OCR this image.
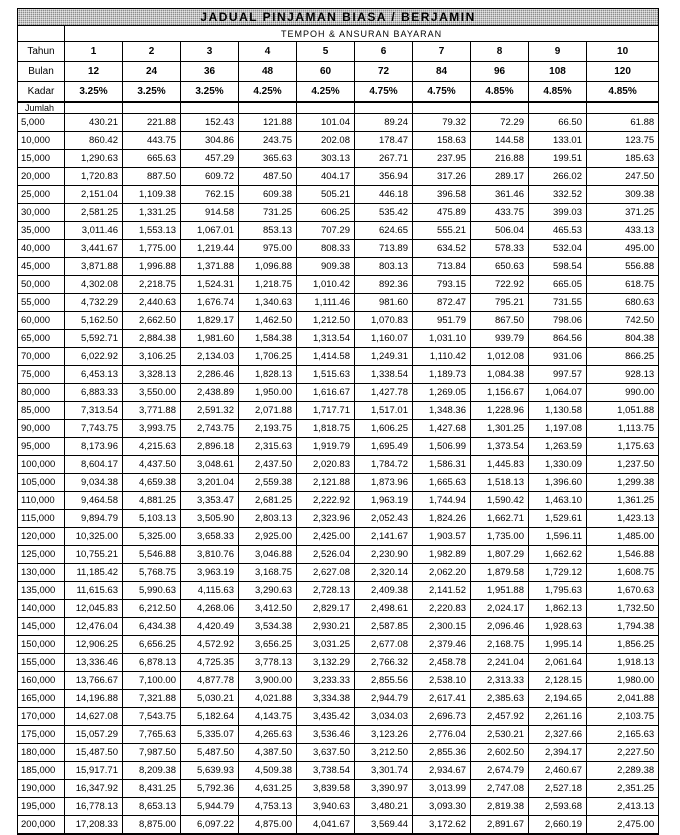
JADUAL PINJAMAN BIASA / BERJAMIN										
	TEMPOH & ANSURAN BAYARAN									
Tahun	1	2	3	4	5	6	7	8	9	10
Bulan	12	24	36	48	60	72	84	96	108	120
Kadar	3.25%	3.25%	3.25%	4.25%	4.25%	4.75%	4.75%	4.85%	4.85%	4.85%
Jumlah										
5,000	430.21	221.88	152.43	121.88	101.04	89.24	79.32	72.29	66.50	61.88
10,000	860.42	443.75	304.86	243.75	202.08	178.47	158.63	144.58	133.01	123.75
15,000	1,290.63	665.63	457.29	365.63	303.13	267.71	237.95	216.88	199.51	185.63
20,000	1,720.83	887.50	609.72	487.50	404.17	356.94	317.26	289.17	266.02	247.50
25,000	2,151.04	1,109.38	762.15	609.38	505.21	446.18	396.58	361.46	332.52	309.38
30,000	2,581.25	1,331.25	914.58	731.25	606.25	535.42	475.89	433.75	399.03	371.25
35,000	3,011.46	1,553.13	1,067.01	853.13	707.29	624.65	555.21	506.04	465.53	433.13
40,000	3,441.67	1,775.00	1,219.44	975.00	808.33	713.89	634.52	578.33	532.04	495.00
45,000	3,871.88	1,996.88	1,371.88	1,096.88	909.38	803.13	713.84	650.63	598.54	556.88
50,000	4,302.08	2,218.75	1,524.31	1,218.75	1,010.42	892.36	793.15	722.92	665.05	618.75
55,000	4,732.29	2,440.63	1,676.74	1,340.63	1,111.46	981.60	872.47	795.21	731.55	680.63
60,000	5,162.50	2,662.50	1,829.17	1,462.50	1,212.50	1,070.83	951.79	867.50	798.06	742.50
65,000	5,592.71	2,884.38	1,981.60	1,584.38	1,313.54	1,160.07	1,031.10	939.79	864.56	804.38
70,000	6,022.92	3,106.25	2,134.03	1,706.25	1,414.58	1,249.31	1,110.42	1,012.08	931.06	866.25
75,000	6,453.13	3,328.13	2,286.46	1,828.13	1,515.63	1,338.54	1,189.73	1,084.38	997.57	928.13
80,000	6,883.33	3,550.00	2,438.89	1,950.00	1,616.67	1,427.78	1,269.05	1,156.67	1,064.07	990.00
85,000	7,313.54	3,771.88	2,591.32	2,071.88	1,717.71	1,517.01	1,348.36	1,228.96	1,130.58	1,051.88
90,000	7,743.75	3,993.75	2,743.75	2,193.75	1,818.75	1,606.25	1,427.68	1,301.25	1,197.08	1,113.75
95,000	8,173.96	4,215.63	2,896.18	2,315.63	1,919.79	1,695.49	1,506.99	1,373.54	1,263.59	1,175.63
100,000	8,604.17	4,437.50	3,048.61	2,437.50	2,020.83	1,784.72	1,586.31	1,445.83	1,330.09	1,237.50
105,000	9,034.38	4,659.38	3,201.04	2,559.38	2,121.88	1,873.96	1,665.63	1,518.13	1,396.60	1,299.38
110,000	9,464.58	4,881.25	3,353.47	2,681.25	2,222.92	1,963.19	1,744.94	1,590.42	1,463.10	1,361.25
115,000	9,894.79	5,103.13	3,505.90	2,803.13	2,323.96	2,052.43	1,824.26	1,662.71	1,529.61	1,423.13
120,000	10,325.00	5,325.00	3,658.33	2,925.00	2,425.00	2,141.67	1,903.57	1,735.00	1,596.11	1,485.00
125,000	10,755.21	5,546.88	3,810.76	3,046.88	2,526.04	2,230.90	1,982.89	1,807.29	1,662.62	1,546.88
130,000	11,185.42	5,768.75	3,963.19	3,168.75	2,627.08	2,320.14	2,062.20	1,879.58	1,729.12	1,608.75
135,000	11,615.63	5,990.63	4,115.63	3,290.63	2,728.13	2,409.38	2,141.52	1,951.88	1,795.63	1,670.63
140,000	12,045.83	6,212.50	4,268.06	3,412.50	2,829.17	2,498.61	2,220.83	2,024.17	1,862.13	1,732.50
145,000	12,476.04	6,434.38	4,420.49	3,534.38	2,930.21	2,587.85	2,300.15	2,096.46	1,928.63	1,794.38
150,000	12,906.25	6,656.25	4,572.92	3,656.25	3,031.25	2,677.08	2,379.46	2,168.75	1,995.14	1,856.25
155,000	13,336.46	6,878.13	4,725.35	3,778.13	3,132.29	2,766.32	2,458.78	2,241.04	2,061.64	1,918.13
160,000	13,766.67	7,100.00	4,877.78	3,900.00	3,233.33	2,855.56	2,538.10	2,313.33	2,128.15	1,980.00
165,000	14,196.88	7,321.88	5,030.21	4,021.88	3,334.38	2,944.79	2,617.41	2,385.63	2,194.65	2,041.88
170,000	14,627.08	7,543.75	5,182.64	4,143.75	3,435.42	3,034.03	2,696.73	2,457.92	2,261.16	2,103.75
175,000	15,057.29	7,765.63	5,335.07	4,265.63	3,536.46	3,123.26	2,776.04	2,530.21	2,327.66	2,165.63
180,000	15,487.50	7,987.50	5,487.50	4,387.50	3,637.50	3,212.50	2,855.36	2,602.50	2,394.17	2,227.50
185,000	15,917.71	8,209.38	5,639.93	4,509.38	3,738.54	3,301.74	2,934.67	2,674.79	2,460.67	2,289.38
190,000	16,347.92	8,431.25	5,792.36	4,631.25	3,839.58	3,390.97	3,013.99	2,747.08	2,527.18	2,351.25
195,000	16,778.13	8,653.13	5,944.79	4,753.13	3,940.63	3,480.21	3,093.30	2,819.38	2,593.68	2,413.13
200,000	17,208.33	8,875.00	6,097.22	4,875.00	4,041.67	3,569.44	3,172.62	2,891.67	2,660.19	2,475.00
